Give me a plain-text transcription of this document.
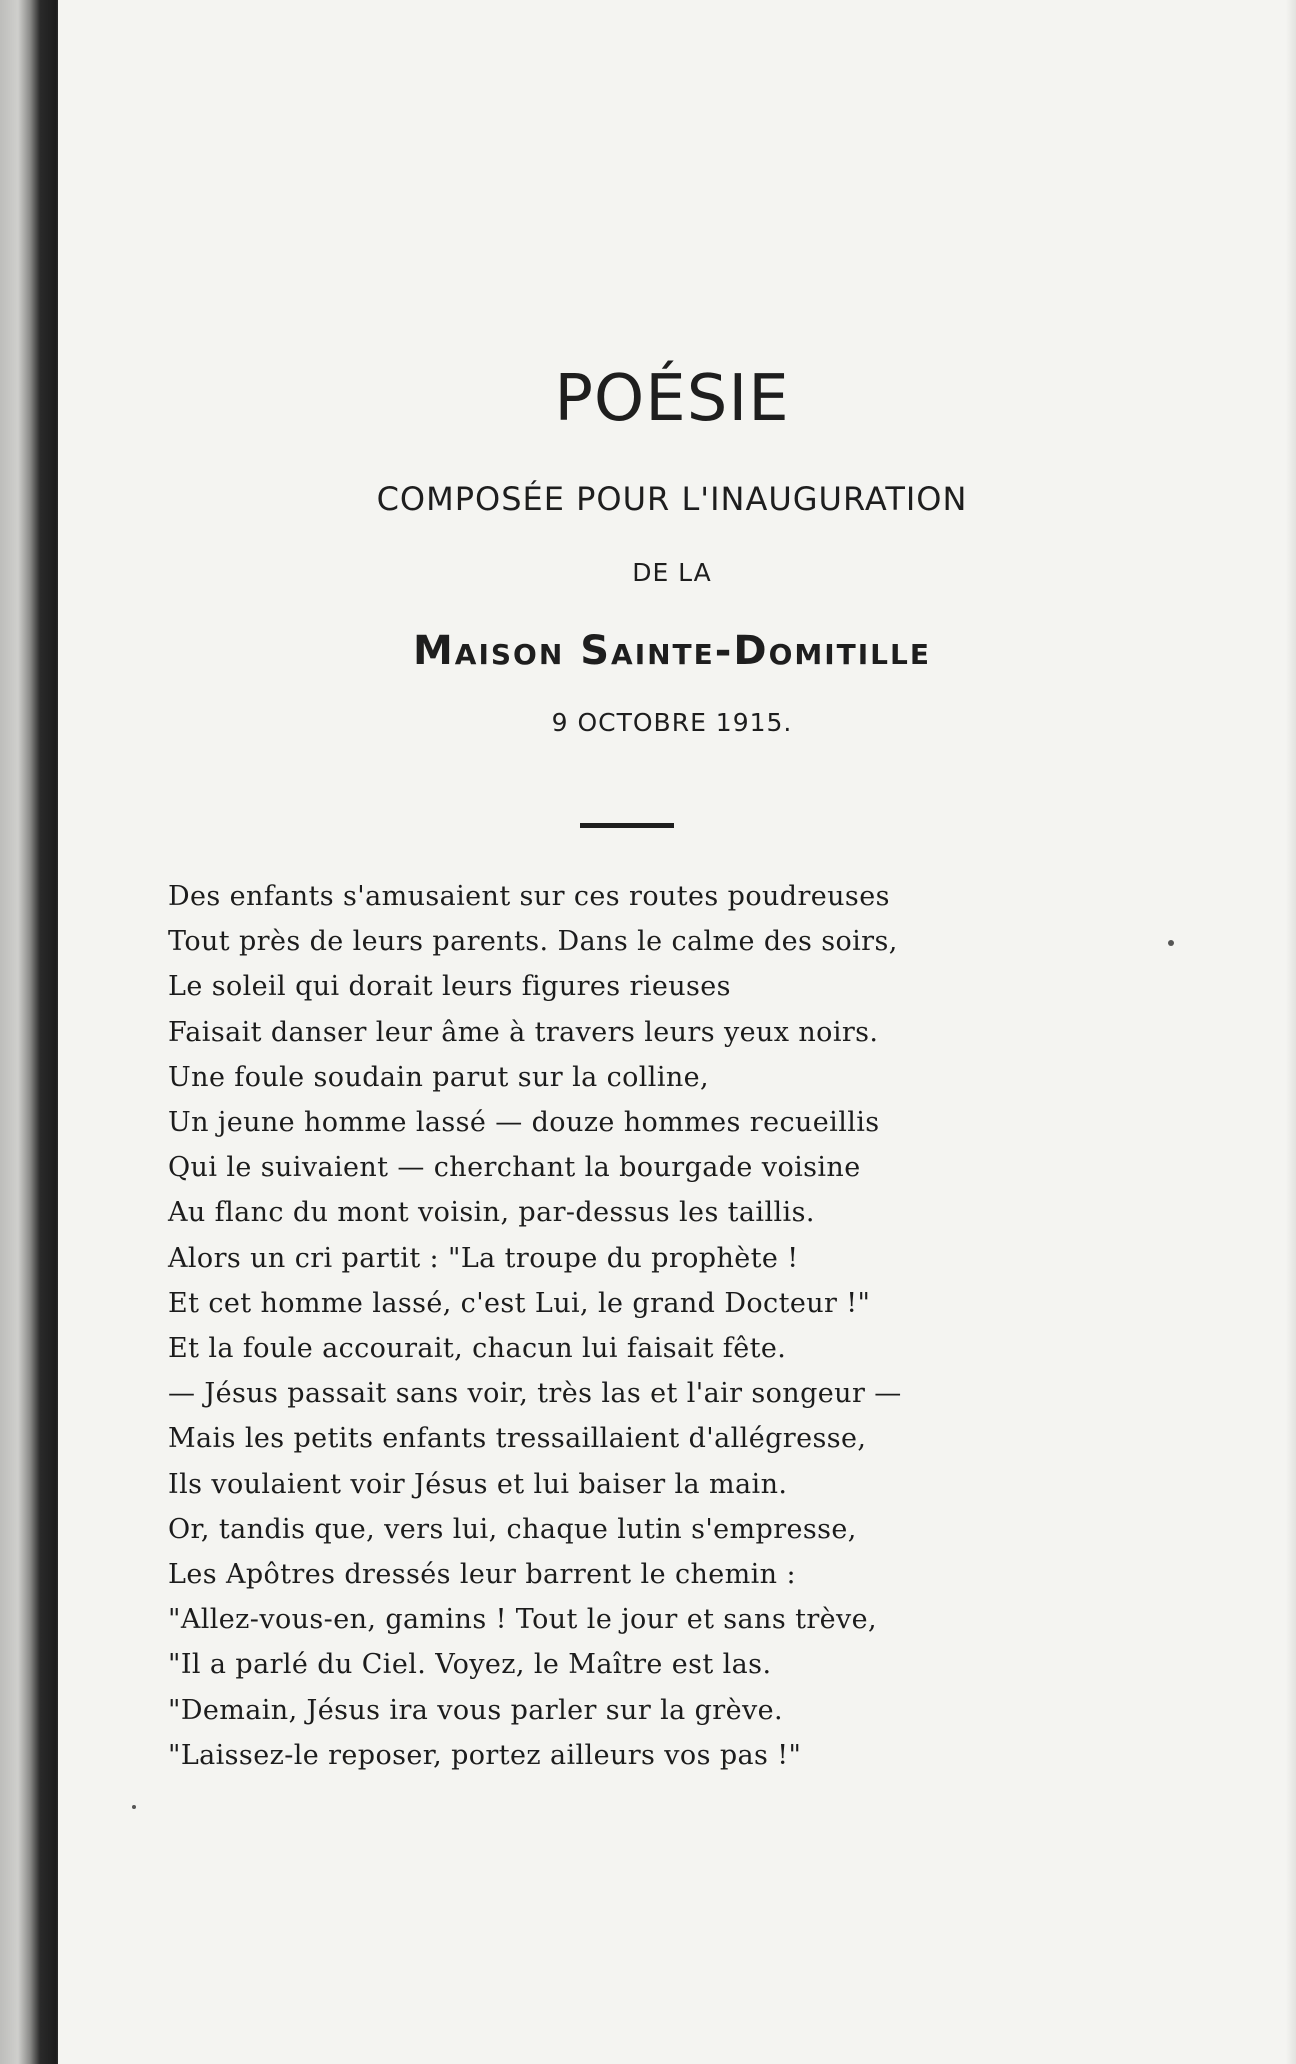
POÉSIE
COMPOSÉE POUR L'INAUGURATION
DE LA
Maison Sainte-Domitille
9 OCTOBRE 1915.
Des enfants s'amusaient sur ces routes poudreuses
Tout près de leurs parents. Dans le calme des soirs,
Le soleil qui dorait leurs figures rieuses
Faisait danser leur âme à travers leurs yeux noirs.
Une foule soudain parut sur la colline,
Un jeune homme lassé — douze hommes recueillis
Qui le suivaient — cherchant la bourgade voisine
Au flanc du mont voisin, par-dessus les taillis.
Alors un cri partit : "La troupe du prophète !
Et cet homme lassé, c'est Lui, le grand Docteur !"
Et la foule accourait, chacun lui faisait fête.
— Jésus passait sans voir, très las et l'air songeur —
Mais les petits enfants tressaillaient d'allégresse,
Ils voulaient voir Jésus et lui baiser la main.
Or, tandis que, vers lui, chaque lutin s'empresse,
Les Apôtres dressés leur barrent le chemin :
"Allez-vous-en, gamins ! Tout le jour et sans trève,
"Il a parlé du Ciel. Voyez, le Maître est las.
"Demain, Jésus ira vous parler sur la grève.
"Laissez-le reposer, portez ailleurs vos pas !"
